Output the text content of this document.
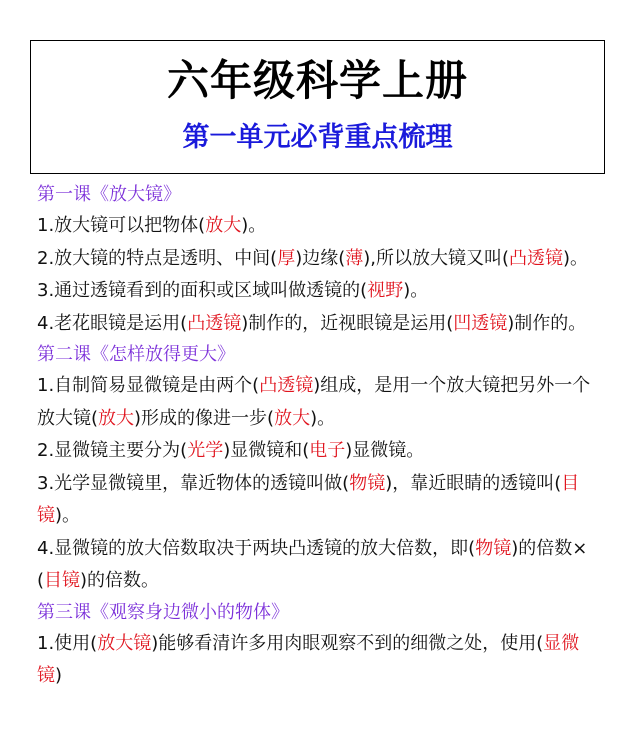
六年级科学上册
第一单元必背重点梳理

第一课《放大镜》

1.放大镜可以把物体(放大)。

2.放大镜的特点是透明、中间(厚)边缘(薄),所以放大镜又叫(凸透镜)。

3.通过透镜看到的面积或区域叫做透镜的(视野)。

4.老花眼镜是运用(凸透镜)制作的，近视眼镜是运用(凹透镜)制作的。

第二课《怎样放得更大》

1.自制简易显微镜是由两个(凸透镜)组成，是用一个放大镜把另外一个放大镜(放大)形成的像进一步(放大)。

2.显微镜主要分为(光学)显微镜和(电子)显微镜。

3.光学显微镜里，靠近物体的透镜叫做(物镜)，靠近眼睛的透镜叫(目镜)。

4.显微镜的放大倍数取决于两块凸透镜的放大倍数，即(物镜)的倍数×(目镜)的倍数。

第三课《观察身边微小的物体》

1.使用(放大镜)能够看清许多用肉眼观察不到的细微之处，使用(显微镜)
